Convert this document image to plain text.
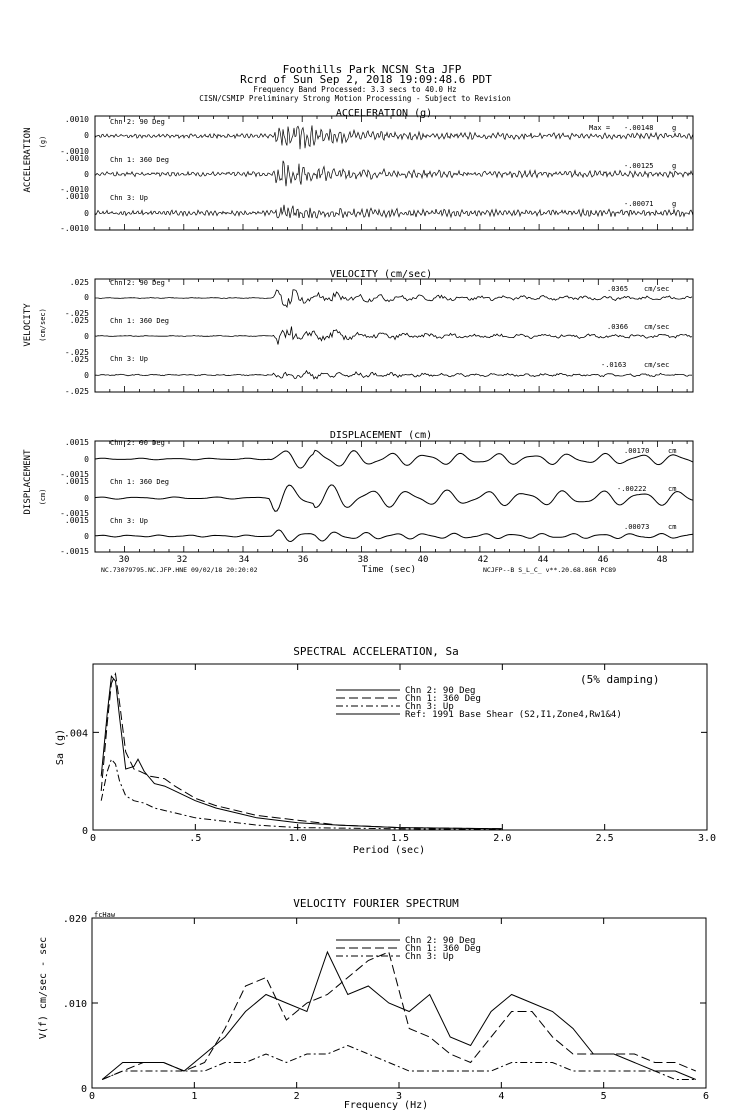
Foothills Park NCSN Sta JFP
Rcrd of Sun Sep 2, 2018 19:09:48.6 PDT
Frequency Band Processed: 3.3 secs to 40.0 Hz
CISN/CSMIP Preliminary Strong Motion Processing - Subject to Revision
ACCELERATION (g)
ACCELERATION (g)
.0010
0
-.0010
.0010
0
-.0010
.0010
0
-.0010
Chn 2: 90 Deg
Chn 1: 360 Deg
Chn 3: Up
Max = -.00148	g
-.00125	g
-.00071	g
VELOCITY (cm/sec)
VELOCITY (cm/sec)
.025
0
-.025
.025
0
-.025
.025
0
-.025
Chn 2: 90 Deg
Chn 1: 360 Deg
Chn 3: Up
.0365 cm/sec
.0366 cm/sec
-.0163	cm/sec
DISPLACEMENT (cm)
DISPLACEMENT (cm)
.0015
0
-.0015
.0015
0
-.0015
.0015
0
-.0015
Chn 2: 90 Deg
Chn 1: 360 Deg
Chn 3: Up
.00170	cm
-.00222	cm
.00073	cm
30	32	34	36	38	40	42	44	46	48
Time (sec)
NC.73079795.NC.JFP.HNE 09/02/18 20:20:02	NCJFP--B S_L_C_ v**.20.68.86R PC89
SPECTRAL ACCELERATION, Sa
(5% damping)
Sa (g)
Period (sec)
0	.5	1.0	1.5	2.0	2.5	3.0
0
.004
Chn 2: 90 Deg
Chn 1: 360 Deg
Chn 3: Up
Ref: 1991 Base Shear (S2,I1,Zone4,Rw1&4)
VELOCITY FOURIER SPECTRUM
fcHaw
V(f) cm/sec - sec
Frequency (Hz)
0	1	2	3	4	5	6
0
.010
.020
Chn 2: 90 Deg
Chn 1: 360 Deg
Chn 3: Up
